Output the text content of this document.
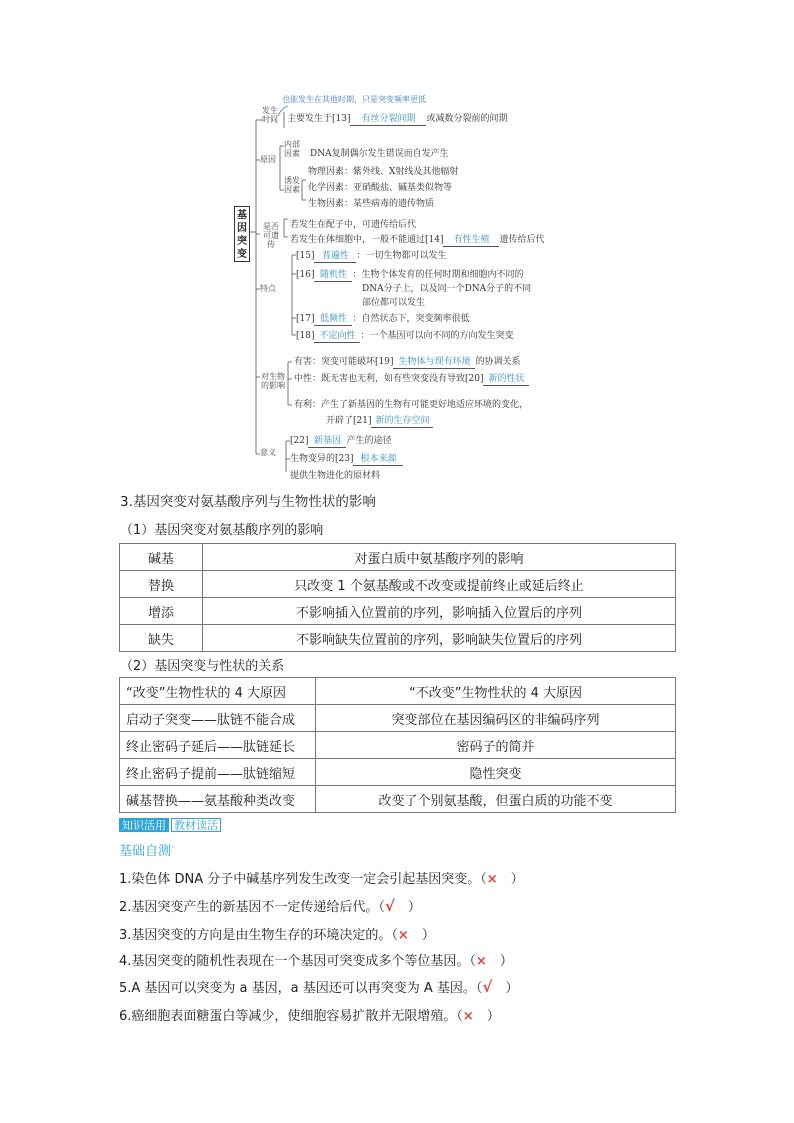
基因突变
也能发生在其他时期，只是突变频率更低
发生时间 主要发生于[13] 有丝分裂间期 或减数分裂前的间期
原因
内部因素 DNA复制偶尔发生错误而自发产生
诱发因素
物理因素：紫外线、X射线及其他辐射
化学因素：亚硝酸盐、碱基类似物等
生物因素：某些病毒的遗传物质
是否可遗传
若发生在配子中，可遗传给后代
若发生在体细胞中，一般不能通过[14] 有性生殖 遗传给后代
特点
[15] 普遍性 ：一切生物都可以发生
[16] 随机性 ：生物个体发育的任何时期和细胞内不同的
DNA分子上，以及同一个DNA分子的不同
部位都可以发生
[17] 低频性 ：自然状态下，突变频率很低
[18] 不定向性 ：一个基因可以向不同的方向发生突变
对生物的影响
有害：突变可能破坏[19] 生物体与现有环境 的协调关系
中性：既无害也无利，如有些突变没有导致[20] 新的性状
有利：产生了新基因的生物有可能更好地适应环境的变化，
开辟了[21] 新的生存空间
意义
[22] 新基因 产生的途径
生物变异的[23] 根本来源
提供生物进化的原材料
3.基因突变对氨基酸序列与生物性状的影响
（1）基因突变对氨基酸序列的影响
碱基	对蛋白质中氨基酸序列的影响
替换	只改变 1 个氨基酸或不改变或提前终止或延后终止
增添	不影响插入位置前的序列，影响插入位置后的序列
缺失	不影响缺失位置前的序列，影响缺失位置后的序列
（2）基因突变与性状的关系
“改变”生物性状的 4 大原因	“不改变”生物性状的 4 大原因
启动子突变——肽链不能合成	突变部位在基因编码区的非编码序列
终止密码子延后——肽链延长	密码子的简并
终止密码子提前——肽链缩短	隐性突变
碱基替换——氨基酸种类改变	改变了个别氨基酸，但蛋白质的功能不变
知识活用 教材读活
基础自测◦
1.染色体 DNA 分子中碱基序列发生改变一定会引起基因突变。（×　）
2.基因突变产生的新基因不一定传递给后代。（√　）
3.基因突变的方向是由生物生存的环境决定的。（×　）
4.基因突变的随机性表现在一个基因可突变成多个等位基因。（×　）
5.A 基因可以突变为 a 基因，a 基因还可以再突变为 A 基因。（√　）
6.癌细胞表面糖蛋白等减少，使细胞容易扩散并无限增殖。（×　）
